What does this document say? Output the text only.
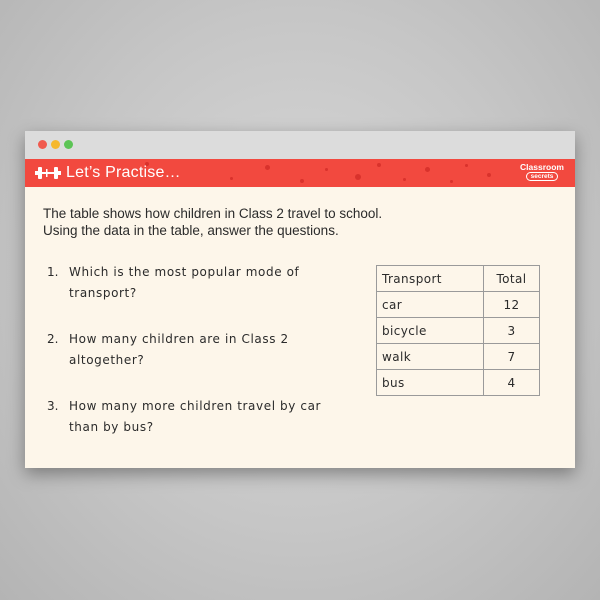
Let’s Practise…	Classroom
secrets
The table shows how children in Class 2 travel to school.
Using the data in the table, answer the questions.
1. Which is the most popular mode of transport?
2. How many children are in Class 2 altogether?
3. How many more children travel by car than by bus?
Transport	Total
car	12
bicycle	3
walk	7
bus	4
